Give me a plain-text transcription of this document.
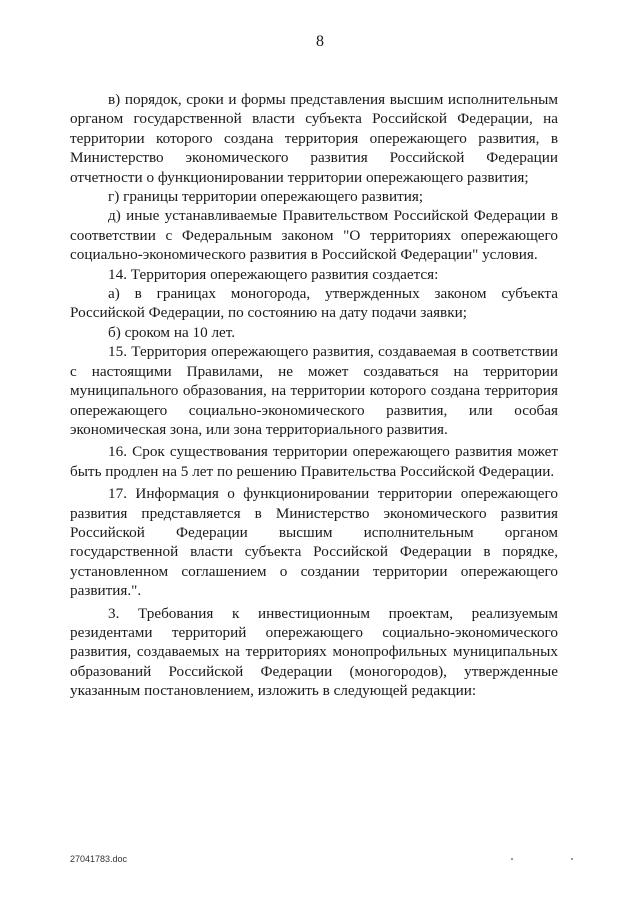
8

в) порядок, сроки и формы представления высшим исполнительным органом государственной власти субъекта Российской Федерации, на территории которого создана территория опережающего развития, в Министерство экономического развития Российской Федерации отчетности о функционировании территории опережающего развития;

г) границы территории опережающего развития;

д) иные устанавливаемые Правительством Российской Федерации в соответствии с Федеральным законом "О территориях опережающего социально-экономического развития в Российской Федерации" условия.

14. Территория опережающего развития создается:

а) в границах моногорода, утвержденных законом субъекта Российской Федерации, по состоянию на дату подачи заявки;

б) сроком на 10 лет.

15. Территория опережающего развития, создаваемая в соответствии с настоящими Правилами, не может создаваться на территории муниципального образования, на территории которого создана территория опережающего социально-экономического развития, или особая экономическая зона, или зона территориального развития.

16. Срок существования территории опережающего развития может быть продлен на 5 лет по решению Правительства Российской Федерации.

17. Информация о функционировании территории опережающего развития представляется в Министерство экономического развития Российской Федерации высшим исполнительным органом государственной власти субъекта Российской Федерации в порядке, установленном соглашением о создании территории опережающего развития.".

3. Требования к инвестиционным проектам, реализуемым резидентами территорий опережающего социально-экономического развития, создаваемых на территориях монопрофильных муниципальных образований Российской Федерации (моногородов), утвержденные указанным постановлением, изложить в следующей редакции:

27041783.doc
